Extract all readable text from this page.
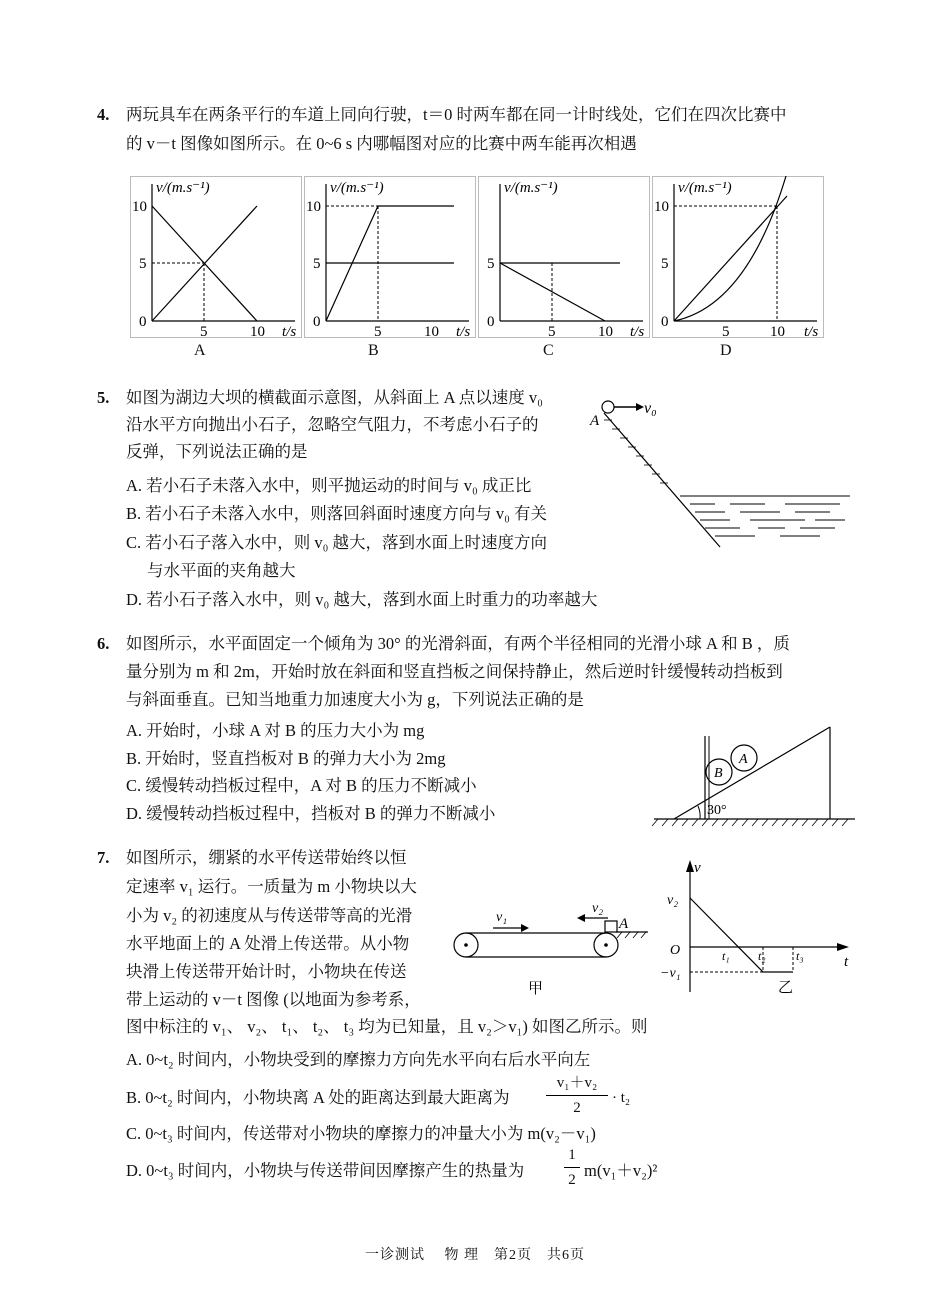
4. 两玩具车在两条平行的车道上同向行驶，t＝0 时两车都在同一计时线处，它们在四次比赛中
的 v－t 图像如图所示。在 0~6 s 内哪幅图对应的比赛中两车能再次相遇
v/(m.s⁻¹)
t/s
10
5
0
5	10
A
v/(m.s⁻¹)
t/s
10
5
0
5	10
B
v/(m.s⁻¹)
t/s
5
0
5	10
C
v/(m.s⁻¹)
t/s
10
5
0
5	10
D
5. 如图为湖边大坝的横截面示意图，从斜面上 A 点以速度 v₀
沿水平方向抛出小石子，忽略空气阻力，不考虑小石子的
反弹，下列说法正确的是
A. 若小石子未落入水中，则平抛运动的时间与 v₀ 成正比
B. 若小石子未落入水中，则落回斜面时速度方向与 v₀ 有关
C. 若小石子落入水中，则 v₀ 越大，落到水面上时速度方向
与水平面的夹角越大
D. 若小石子落入水中，则 v₀ 越大，落到水面上时重力的功率越大
v₀
A
6. 如图所示，水平面固定一个倾角为 30° 的光滑斜面，有两个半径相同的光滑小球 A 和 B ，质
量分别为 m 和 2m，开始时放在斜面和竖直挡板之间保持静止，然后逆时针缓慢转动挡板到
与斜面垂直。已知当地重力加速度大小为 g，下列说法正确的是
A. 开始时，小球 A 对 B 的压力大小为 mg
B. 开始时，竖直挡板对 B 的弹力大小为 2mg
C. 缓慢转动挡板过程中，A 对 B 的压力不断减小
D. 缓慢转动挡板过程中，挡板对 B 的弹力不断减小
B
A
30°
7. 如图所示，绷紧的水平传送带始终以恒
定速率 v₁ 运行。一质量为 m 小物块以大
小为 v₂ 的初速度从与传送带等高的光滑
水平地面上的 A 处滑上传送带。从小物
块滑上传送带开始计时，小物块在传送
带上运动的 v－t 图像 (以地面为参考系，
图中标注的 v₁、 v₂、 t₁、 t₂、 t₃ 均为已知量，且 v₂＞v₁) 如图乙所示。则
A. 0~t₂ 时间内，小物块受到的摩擦力方向先水平向右后水平向左
B. 0~t₂ 时间内，小物块离 A 处的距离达到最大距离为
v₁＋v₂
2
· t₂
C. 0~t₃ 时间内，传送带对小物块的摩擦力的冲量大小为 m(v₂－v₁)
D. 0~t₃ 时间内，小物块与传送带间因摩擦产生的热量为
1
2 m(v₁＋v₂)²
v₁
v₂
A
甲
v
t
O
v₂
−v₁
t₁ t₂	t₃
乙
一诊测试　 物 理　第2页　共6页
